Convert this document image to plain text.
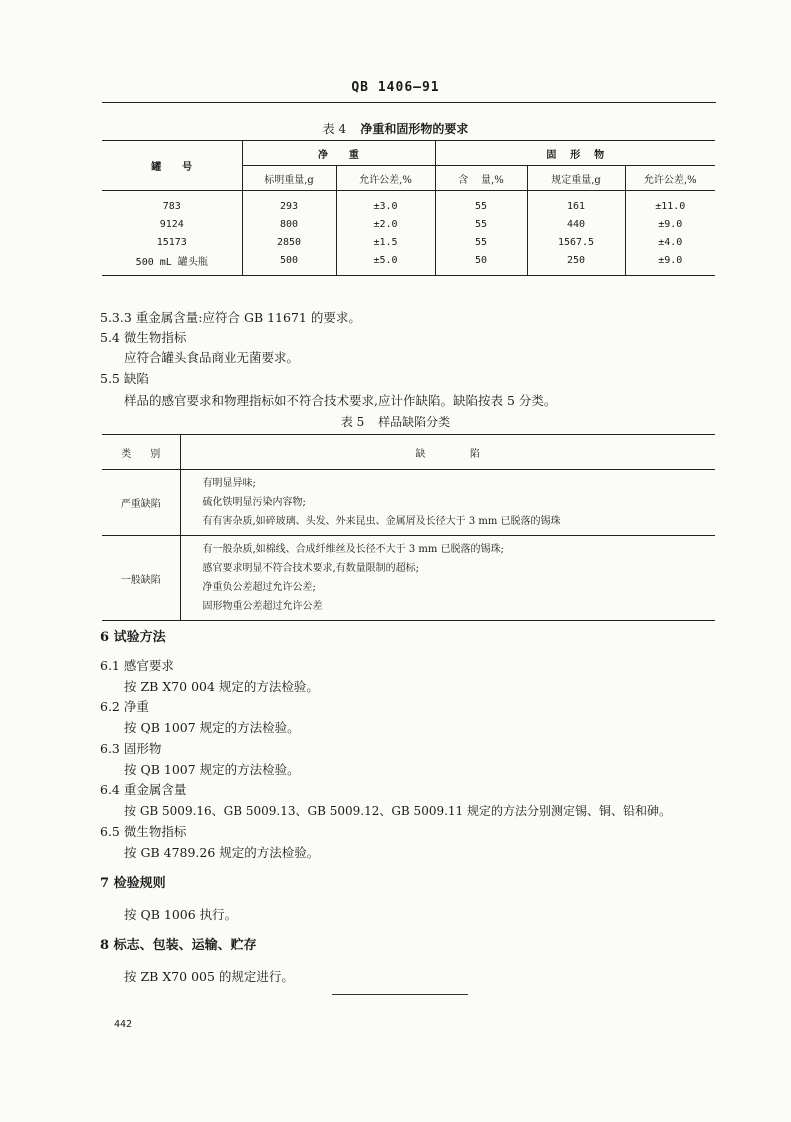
QB 1406—91
表 4 净重和固形物的要求
罐      号	净      重		固    形    物		
	标明重量,g	允许公差,%	含    量,%	规定重量,g	允许公差,%

783	293	±3.0	55	161	±11.0
9124	800	±2.0	55	440	±9.0
15173	2850	±1.5	55	1567.5	±4.0
500 mL 罐头瓶	500	±5.0	50	250	±9.0

5.3.3 重金属含量:应符合 GB 11671 的要求。
5.4 微生物指标
应符合罐头食品商业无菌要求。
5.5 缺陷
样品的感官要求和物理指标如不符合技术要求,应计作缺陷。缺陷按表 5 分类。
表 5 样品缺陷分类
类      别	缺              陷
严重缺陷	有明显异味;
硫化铁明显污染内容物;
有有害杂质,如碎玻璃、头发、外来昆虫、金属屑及长径大于 3 mm 已脱落的锡珠

一般缺陷	有一般杂质,如棉线、合成纤维丝及长径不大于 3 mm 已脱落的锡珠;
感官要求明显不符合技术要求,有数量限制的超标;
净重负公差超过允许公差;
固形物重公差超过允许公差
6 试验方法
6.1 感官要求
按 ZB X70 004 规定的方法检验。
6.2 净重
按 QB 1007 规定的方法检验。
6.3 固形物
按 QB 1007 规定的方法检验。
6.4 重金属含量
按 GB 5009.16、GB 5009.13、GB 5009.12、GB 5009.11 规定的方法分别测定锡、铜、铅和砷。
6.5 微生物指标
按 GB 4789.26 规定的方法检验。
7 检验规则
按 QB 1006 执行。
8 标志、包装、运输、贮存
按 ZB X70 005 的规定进行。
442
